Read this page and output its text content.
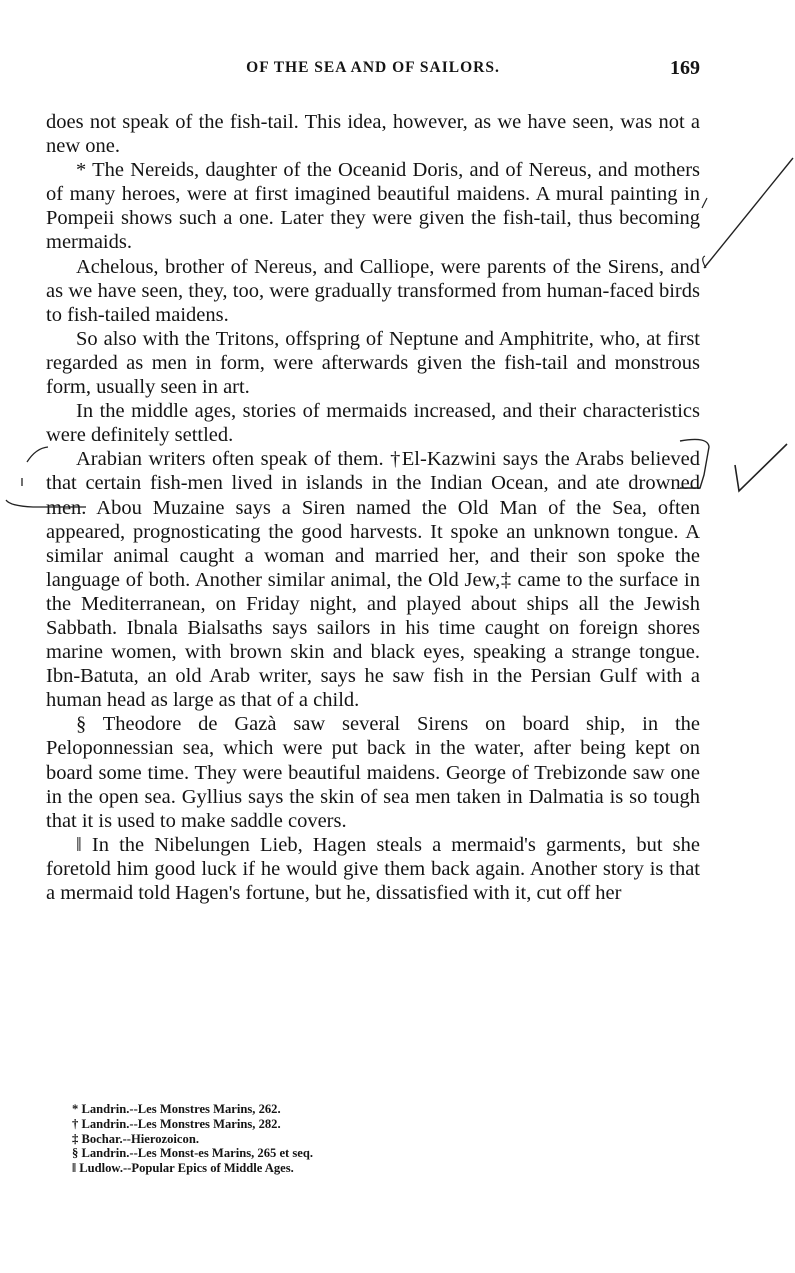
OF THE SEA AND OF SAILORS.	169

does not speak of the fish-tail. This idea, however, as we have seen, was not a new one.

* The Nereids, daughter of the Oceanid Doris, and of Nereus, and mothers of many heroes, were at first imagined beautiful maidens. A mural painting in Pompeii shows such a one. Later they were given the fish-tail, thus becoming mermaids.

Achelous, brother of Nereus, and Calliope, were parents of the Sirens, and as we have seen, they, too, were gradually transformed from human-faced birds to fish-tailed maidens.

So also with the Tritons, offspring of Neptune and Amphitrite, who, at first regarded as men in form, were afterwards given the fish-tail and monstrous form, usually seen in art.

In the middle ages, stories of mermaids increased, and their characteristics were definitely settled.

Arabian writers often speak of them. †El-Kazwini says the Arabs believed that certain fish-men lived in islands in the Indian Ocean, and ate drowned men. Abou Muzaine says a Siren named the Old Man of the Sea, often appeared, prognosticating the good harvests. It spoke an unknown tongue. A similar animal caught a woman and married her, and their son spoke the language of both. Another similar animal, the Old Jew,‡ came to the surface in the Mediterranean, on Friday night, and played about ships all the Jewish Sabbath. Ibnala Bialsaths says sailors in his time caught on foreign shores marine women, with brown skin and black eyes, speaking a strange tongue. Ibn-Batuta, an old Arab writer, says he saw fish in the Persian Gulf with a human head as large as that of a child.

§ Theodore de Gazà saw several Sirens on board ship, in the Peloponnessian sea, which were put back in the water, after being kept on board some time. They were beautiful maidens. George of Trebizonde saw one in the open sea. Gyllius says the skin of sea men taken in Dalmatia is so tough that it is used to make saddle covers.

‖ In the Nibelungen Lieb, Hagen steals a mermaid's garments, but she foretold him good luck if he would give them back again. Another story is that a mermaid told Hagen's fortune, but he, dissatisfied with it, cut off her

* Landrin.--Les Monstres Marins, 262.
† Landrin.--Les Monstres Marins, 282.
‡ Bochar.--Hierozoicon.
§ Landrin.--Les Monst-es Marins, 265 et seq.
‖ Ludlow.--Popular Epics of Middle Ages.
